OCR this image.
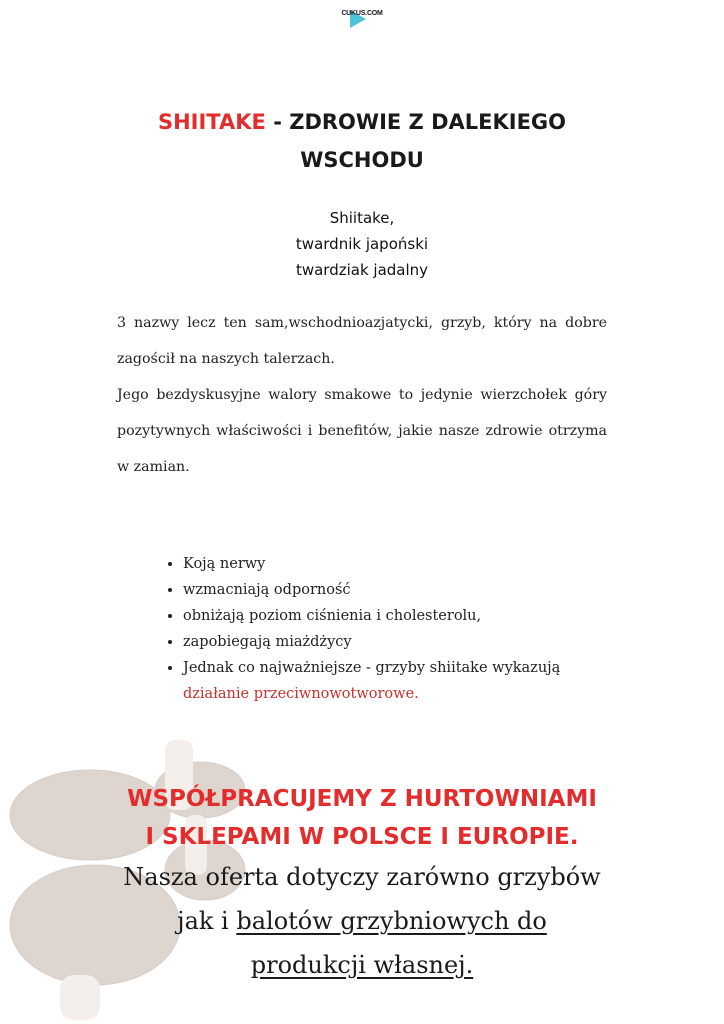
CUKUS.COM
SHIITAKE - ZDROWIE Z DALEKIEGO
WSCHODU
Shiitake,
twardnik japoński
twardziak jadalny

3 nazwy lecz ten sam,wschodnioazjatycki, grzyb, który na dobre zagościł na naszych talerzach.

Jego bezdyskusyjne walory smakowe to jedynie wierzchołek góry pozytywnych właściwości i benefitów, jakie nasze zdrowie otrzyma w zamian.

• Koją nerwy
• wzmacniają odporność
• obniżają poziom ciśnienia i cholesterolu,
• zapobiegają miażdżycy
• Jednak co najważniejsze - grzyby shiitake wykazują działanie przeciwnowotworowe.
WSPÓŁPRACUJEMY Z HURTOWNIAMI
I SKLEPAMI W POLSCE I EUROPIE.
Nasza oferta dotyczy zarówno grzybów
jak i balotów grzybniowych do
produkcji własnej.
